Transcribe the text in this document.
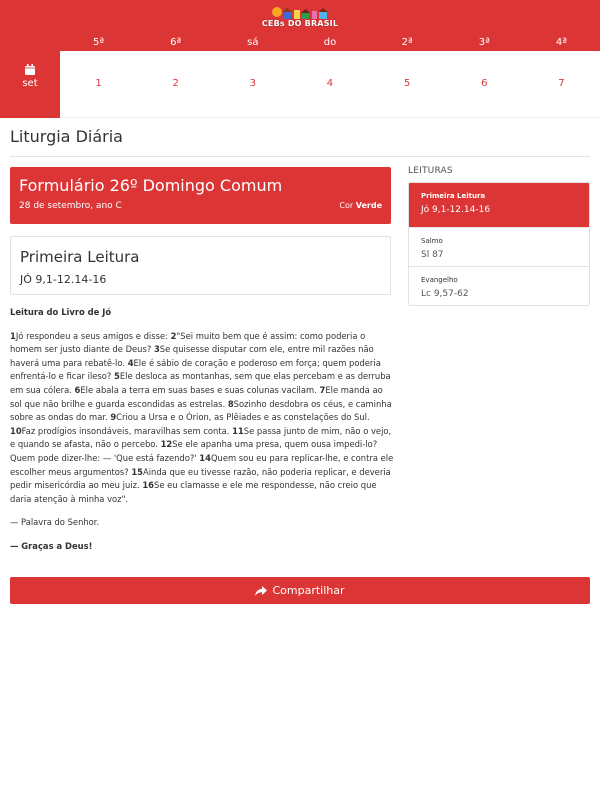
CEBs DO BRASIL
set
5ª	6ª	sá	do	2ª	3ª	4ª
1	2	3	4	5	6	7
Liturgia Diária
Formulário 26º Domingo Comum
28 de setembro, ano C	Cor Verde
Primeira Leitura
JÓ 9,1-12.14-16
Leitura do Livro de Jó

1Jó respondeu a seus amigos e disse: 2"Sei muito bem que é assim: como poderia o homem ser justo diante de Deus? 3Se quisesse disputar com ele, entre mil razões não haverá uma para rebatê-lo. 4Ele é sábio de coração e poderoso em força; quem poderia enfrentá-lo e ficar ileso? 5Ele desloca as montanhas, sem que elas percebam e as derruba em sua cólera. 6Ele abala a terra em suas bases e suas colunas vacilam. 7Ele manda ao sol que não brilhe e guarda escondidas as estrelas. 8Sozinho desdobra os céus, e caminha sobre as ondas do mar. 9Criou a Ursa e o Órion, as Plêiades e as constelações do Sul. 10Faz prodígios insondáveis, maravilhas sem conta. 11Se passa junto de mim, não o vejo, e quando se afasta, não o percebo. 12Se ele apanha uma presa, quem ousa impedi-lo? Quem pode dizer-lhe: — 'Que está fazendo?' 14Quem sou eu para replicar-lhe, e contra ele escolher meus argumentos? 15Ainda que eu tivesse razão, não poderia replicar, e deveria pedir misericórdia ao meu juiz. 16Se eu clamasse e ele me respondesse, não creio que daria atenção à minha voz".

— Palavra do Senhor.
— Graças a Deus!
Compartilhar
LEITURAS
Primeira Leitura
Jó 9,1-12.14-16
Salmo
Sl 87
Evangelho
Lc 9,57-62
